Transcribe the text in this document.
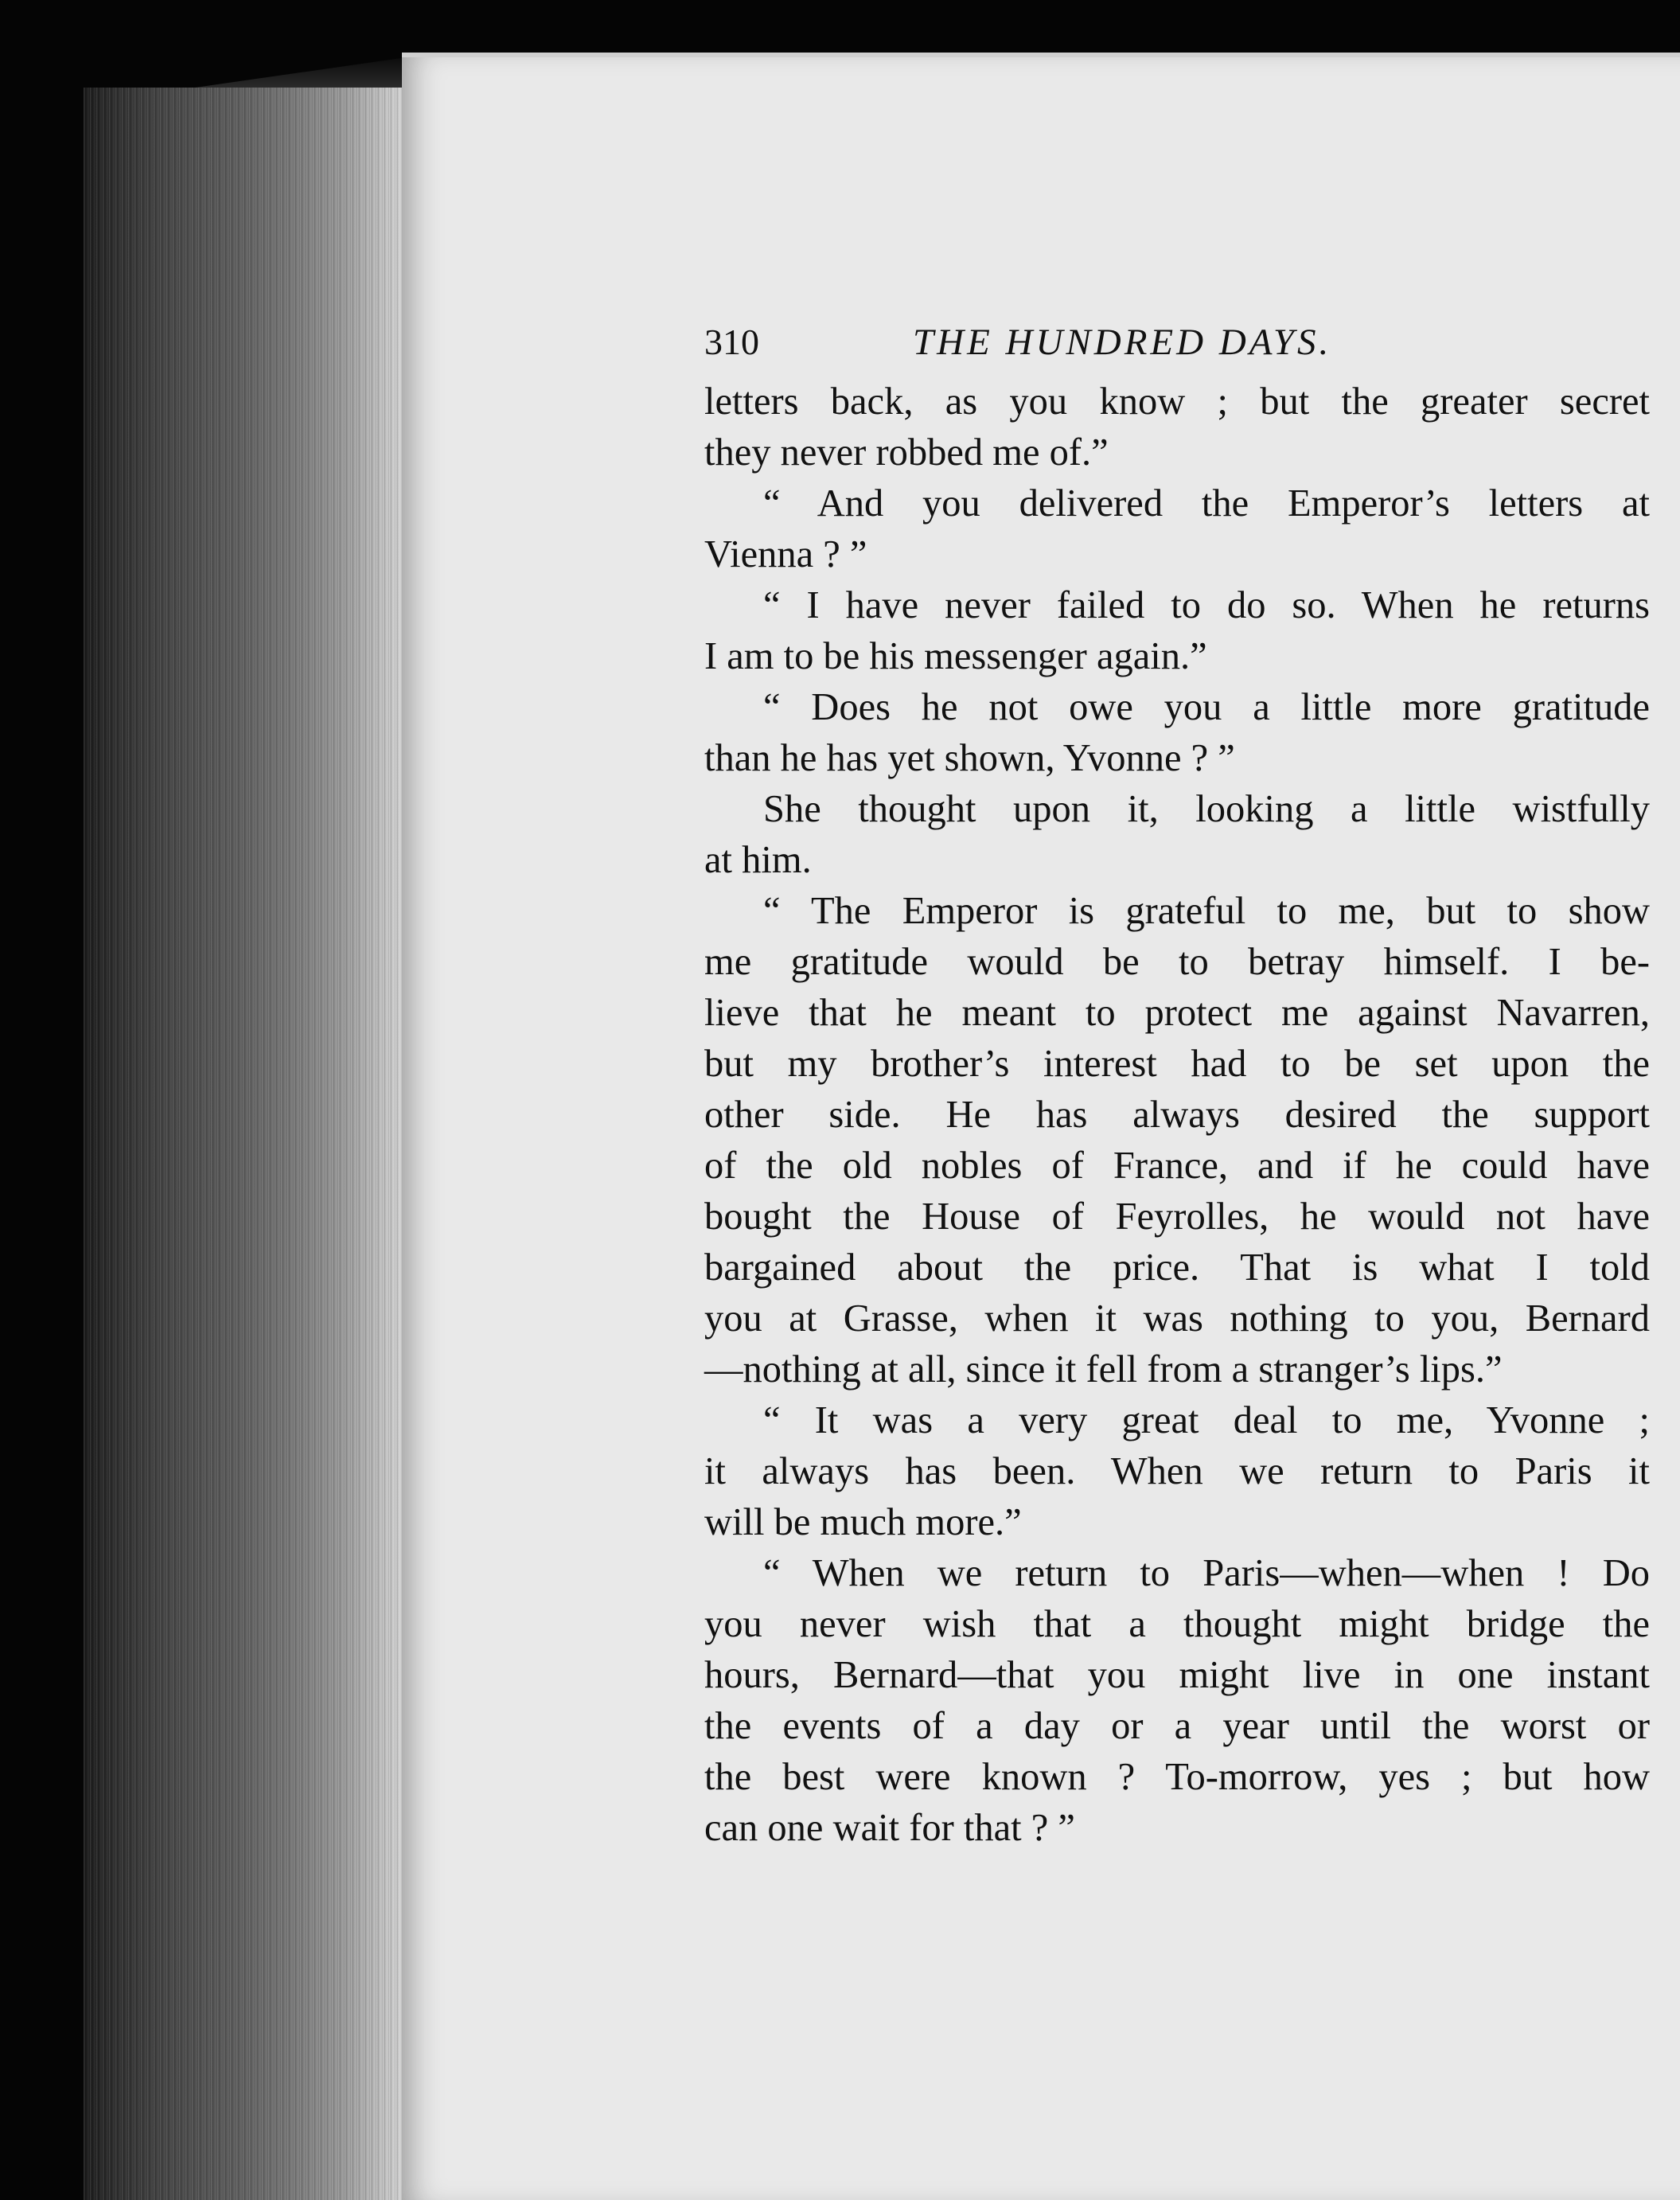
310	THE HUNDRED DAYS.
letters back, as you know ; but the greater secret
they never robbed me of.”
“ And you delivered the Emperor’s letters at
Vienna ? ”
“ I have never failed to do so. When he returns
I am to be his messenger again.”
“ Does he not owe you a little more gratitude
than he has yet shown, Yvonne ? ”
She thought upon it, looking a little wistfully
at him.
“ The Emperor is grateful to me, but to show
me gratitude would be to betray himself. I be-
lieve that he meant to protect me against Navarren,
but my brother’s interest had to be set upon the
other side. He has always desired the support
of the old nobles of France, and if he could have
bought the House of Feyrolles, he would not have
bargained about the price. That is what I told
you at Grasse, when it was nothing to you, Bernard
—nothing at all, since it fell from a stranger’s lips.”
“ It was a very great deal to me, Yvonne ;
it always has been. When we return to Paris it
will be much more.”
“ When we return to Paris—when—when ! Do
you never wish that a thought might bridge the
hours, Bernard—that you might live in one instant
the events of a day or a year until the worst or
the best were known ? To-morrow, yes ; but how
can one wait for that ? ”
